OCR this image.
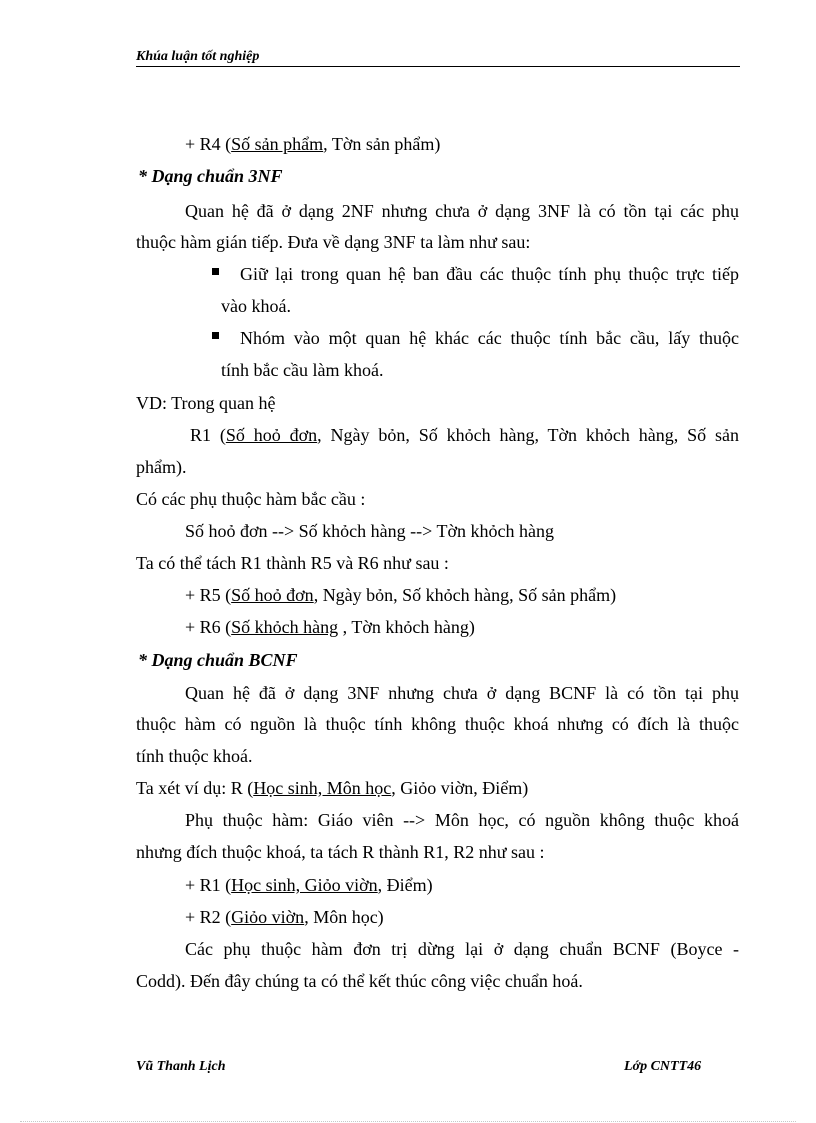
Khúa luận tốt nghiệp
+ R4 (Số sản phẩm, Tờn sản phẩm)
* Dạng chuẩn 3NF
Quan hệ đã ở dạng 2NF nhưng chưa ở dạng 3NF là có tồn tại các phụ
thuộc hàm gián tiếp. Đưa về dạng 3NF ta làm như sau:
Giữ lại trong quan hệ ban đầu các thuộc tính phụ thuộc trực tiếp
vào khoá.
Nhóm vào một quan hệ khác các thuộc tính bắc cầu, lấy thuộc
tính bắc cầu làm khoá.
VD: Trong quan hệ
R1 (Số hoỏ đơn, Ngày bỏn, Số khỏch hàng, Tờn khỏch hàng, Số sản
phẩm).
Có các phụ thuộc hàm bắc cầu :
Số hoỏ đơn --> Số khỏch hàng --> Tờn khỏch hàng
Ta có thể tách R1 thành R5 và R6 như sau :
+ R5 (Số hoỏ đơn, Ngày bỏn, Số khỏch hàng, Số sản phẩm)
+ R6 (Số khỏch hàng , Tờn khỏch hàng)
* Dạng chuẩn BCNF
Quan hệ đã ở dạng 3NF nhưng chưa ở dạng BCNF là có tồn tại phụ
thuộc hàm có nguồn là thuộc tính không thuộc khoá nhưng có đích là thuộc
tính thuộc khoá.
Ta xét ví dụ: R (Học sinh, Môn học, Giỏo viờn, Điểm)
Phụ thuộc hàm: Giáo viên --> Môn học, có nguồn không thuộc khoá
nhưng đích thuộc khoá, ta tách R thành R1, R2 như sau :
+ R1 (Học sinh, Giỏo viờn, Điểm)
+ R2 (Giỏo viờn, Môn học)
Các phụ thuộc hàm đơn trị dừng lại ở dạng chuẩn BCNF (Boyce -
Codd). Đến đây chúng ta có thể kết thúc công việc chuẩn hoá.
Vũ Thanh Lịch	Lớp CNTT46
